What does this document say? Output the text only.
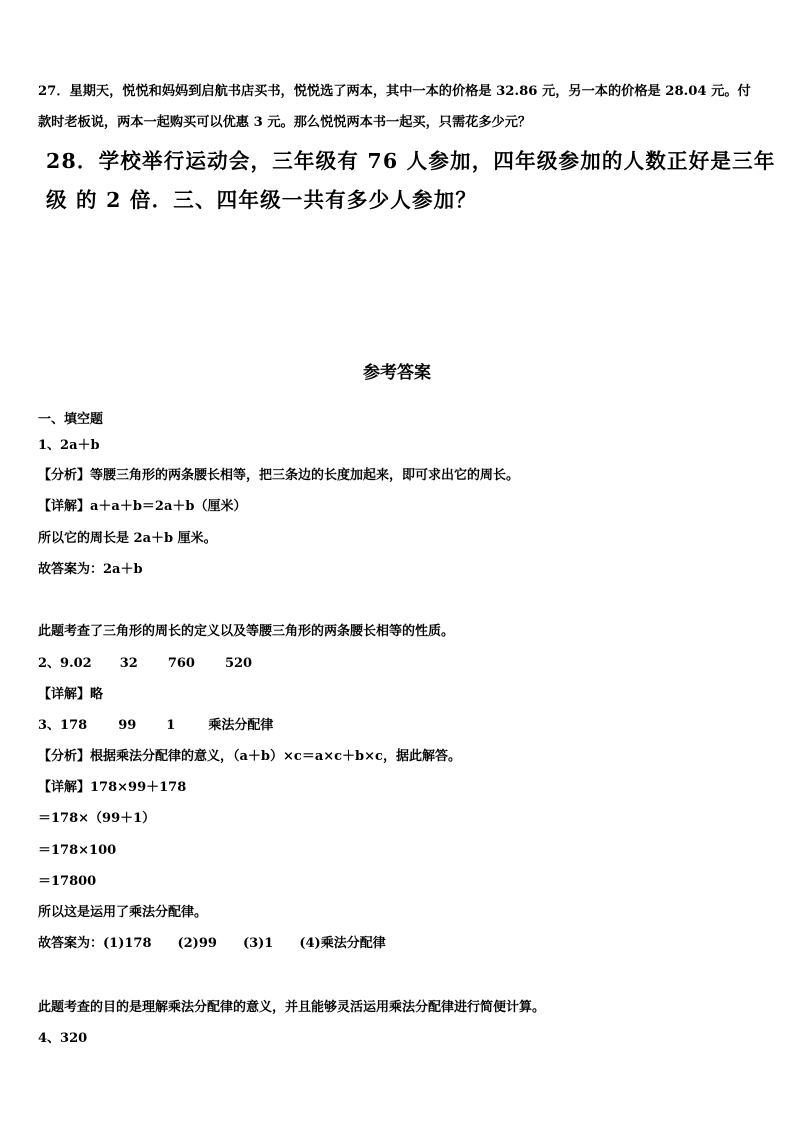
27．星期天，悦悦和妈妈到启航书店买书，悦悦选了两本，其中一本的价格是 32.86 元，另一本的价格是 28.04 元。付
款时老板说，两本一起购买可以优惠 3 元。那么悦悦两本书一起买，只需花多少元？
28．学校举行运动会，三年级有 76 人参加，四年级参加的人数正好是三年
级 的 2 倍．三、四年级一共有多少人参加？
参考答案
一、填空题
1、2a＋b
【分析】等腰三角形的两条腰长相等，把三条边的长度加起来，即可求出它的周长。
【详解】a＋a＋b＝2a＋b（厘米）
所以它的周长是 2a＋b 厘米。
故答案为：2a＋b
此题考查了三角形的周长的定义以及等腰三角形的两条腰长相等的性质。
2、9.02 32 760 520
【详解】略
3、178 99 1	乘法分配律
【分析】根据乘法分配律的意义，（a＋b）×c＝a×c＋b×c，据此解答。
【详解】178×99＋178
＝178×（99＋1）
＝178×100
＝17800
所以这是运用了乘法分配律。
故答案为：(1)178 (2)99 (3)1 (4)乘法分配律
此题考查的目的是理解乘法分配律的意义，并且能够灵活运用乘法分配律进行简便计算。
4、320
